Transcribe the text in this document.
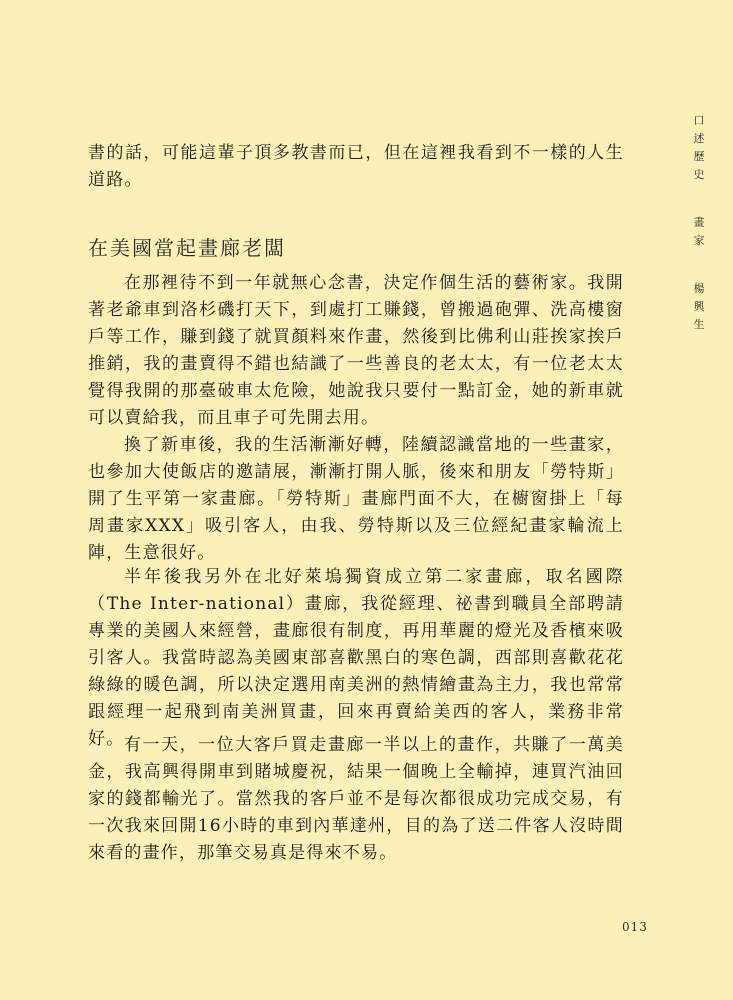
口
述
歷
史
畫
家
楊
興
生

書的話，可能這輩子頂多教書而已，但在這裡我看到不一樣的人生道路。

在美國當起畫廊老闆

在那裡待不到一年就無心念書，決定作個生活的藝術家。我開著老爺車到洛杉磯打天下，到處打工賺錢，曾搬過砲彈、洗高樓窗戶等工作，賺到錢了就買顏料來作畫，然後到比佛利山莊挨家挨戶推銷，我的畫賣得不錯也結識了一些善良的老太太，有一位老太太覺得我開的那臺破車太危險，她說我只要付一點訂金，她的新車就可以賣給我，而且車子可先開去用。

換了新車後，我的生活漸漸好轉，陸續認識當地的一些畫家，也參加大使飯店的邀請展，漸漸打開人脈，後來和朋友「勞特斯」開了生平第一家畫廊。「勞特斯」畫廊門面不大，在櫥窗掛上「每周畫家XXX」吸引客人，由我、勞特斯以及三位經紀畫家輪流上陣，生意很好。

半年後我另外在北好萊塢獨資成立第二家畫廊，取名國際（The Inter-national）畫廊，我從經理、祕書到職員全部聘請專業的美國人來經營，畫廊很有制度，再用華麗的燈光及香檳來吸引客人。我當時認為美國東部喜歡黑白的寒色調，西部則喜歡花花綠綠的暖色調，所以決定選用南美洲的熱情繪畫為主力，我也常常跟經理一起飛到南美洲買畫，回來再賣給美西的客人，業務非常好。 有一天，一位大客戶買走畫廊一半以上的畫作，共賺了一萬美金，我高興得開車到賭城慶祝，結果一個晚上全輸掉，連買汽油回家的錢都輸光了。當然我的客戶並不是每次都很成功完成交易，有一次我來回開16小時的車到內華達州，目的為了送二件客人沒時間來看的畫作，那筆交易真是得來不易。

013
